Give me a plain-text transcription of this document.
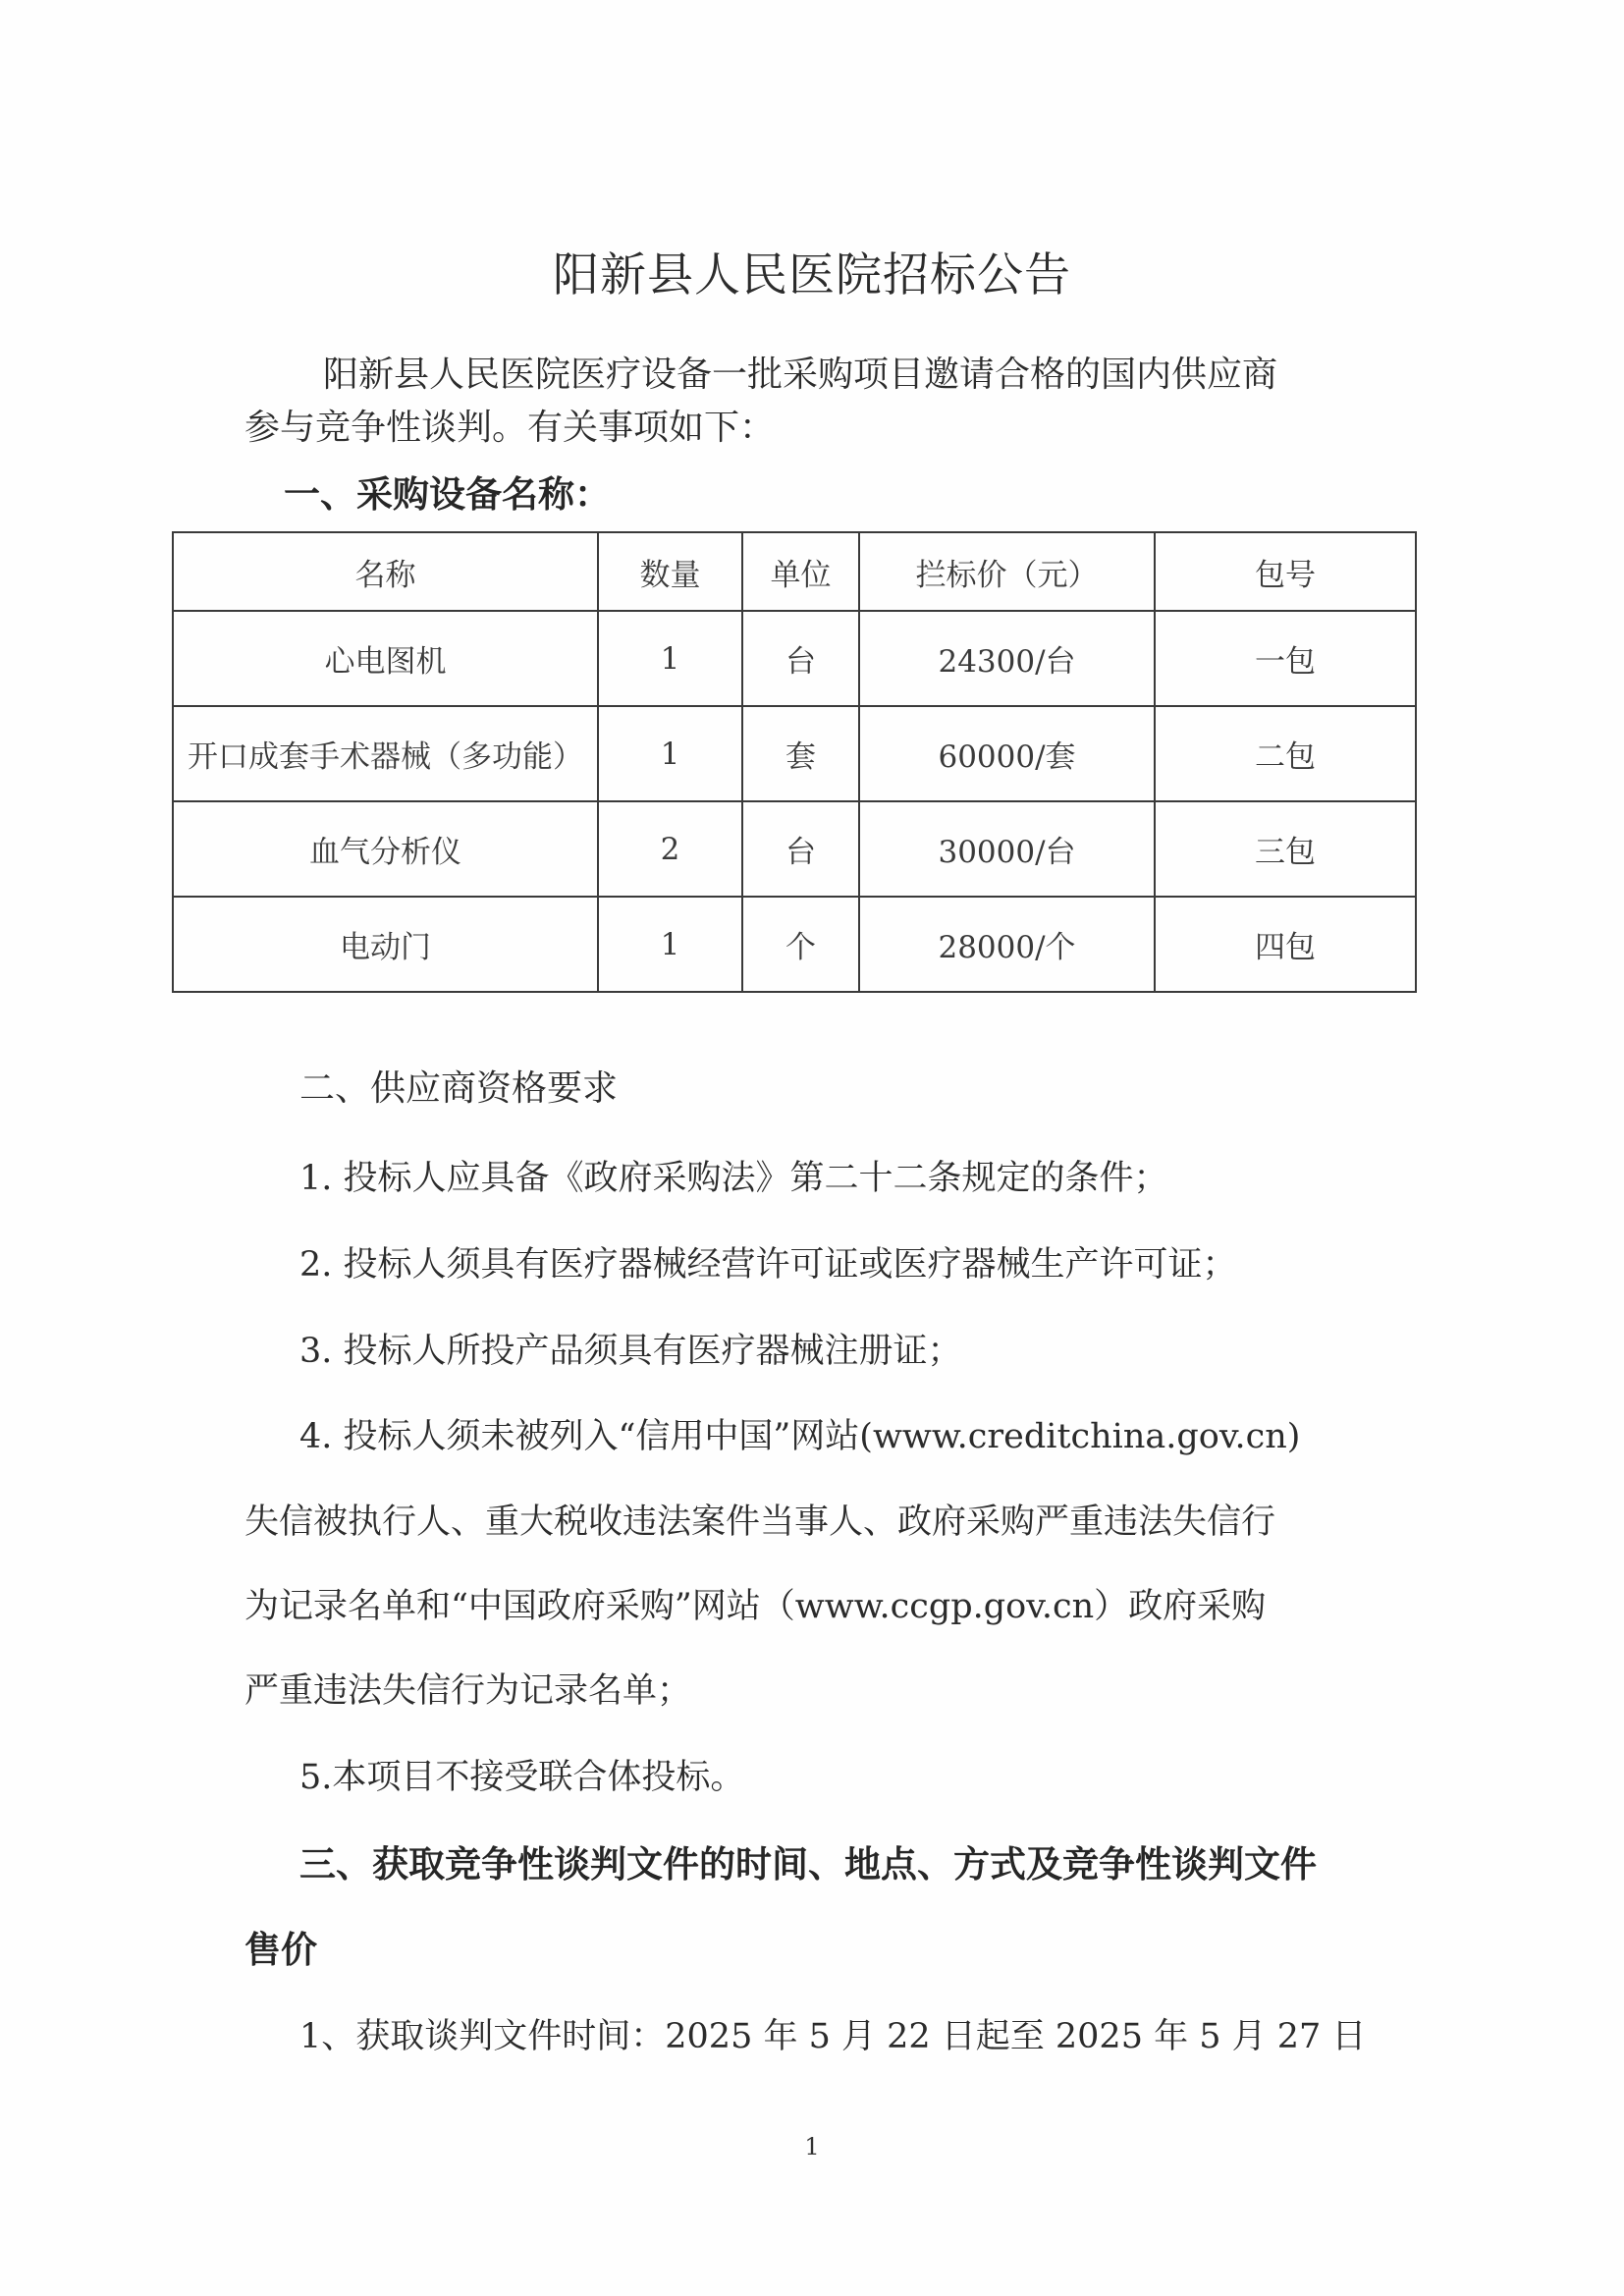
阳新县人民医院招标公告
阳新县人民医院医疗设备一批采购项目邀请合格的国内供应商
参与竞争性谈判。有关事项如下：
一、采购设备名称：
名称	数量	单位	拦标价（元）	包号
心电图机	1	台	24300/台	一包
开口成套手术器械（多功能）	1	套	60000/套	二包
血气分析仪	2	台	30000/台	三包
电动门	1	个	28000/个	四包
二、供应商资格要求
1. 投标人应具备《政府采购法》第二十二条规定的条件；
2. 投标人须具有医疗器械经营许可证或医疗器械生产许可证；
3. 投标人所投产品须具有医疗器械注册证；
4. 投标人须未被列入“信用中国”网站(www.creditchina.gov.cn)
失信被执行人、重大税收违法案件当事人、政府采购严重违法失信行
为记录名单和“中国政府采购”网站（www.ccgp.gov.cn）政府采购
严重违法失信行为记录名单；
5.本项目不接受联合体投标。
三、获取竞争性谈判文件的时间、地点、方式及竞争性谈判文件
售价
1、获取谈判文件时间：2025 年 5 月 22 日起至 2025 年 5 月 27 日
1
